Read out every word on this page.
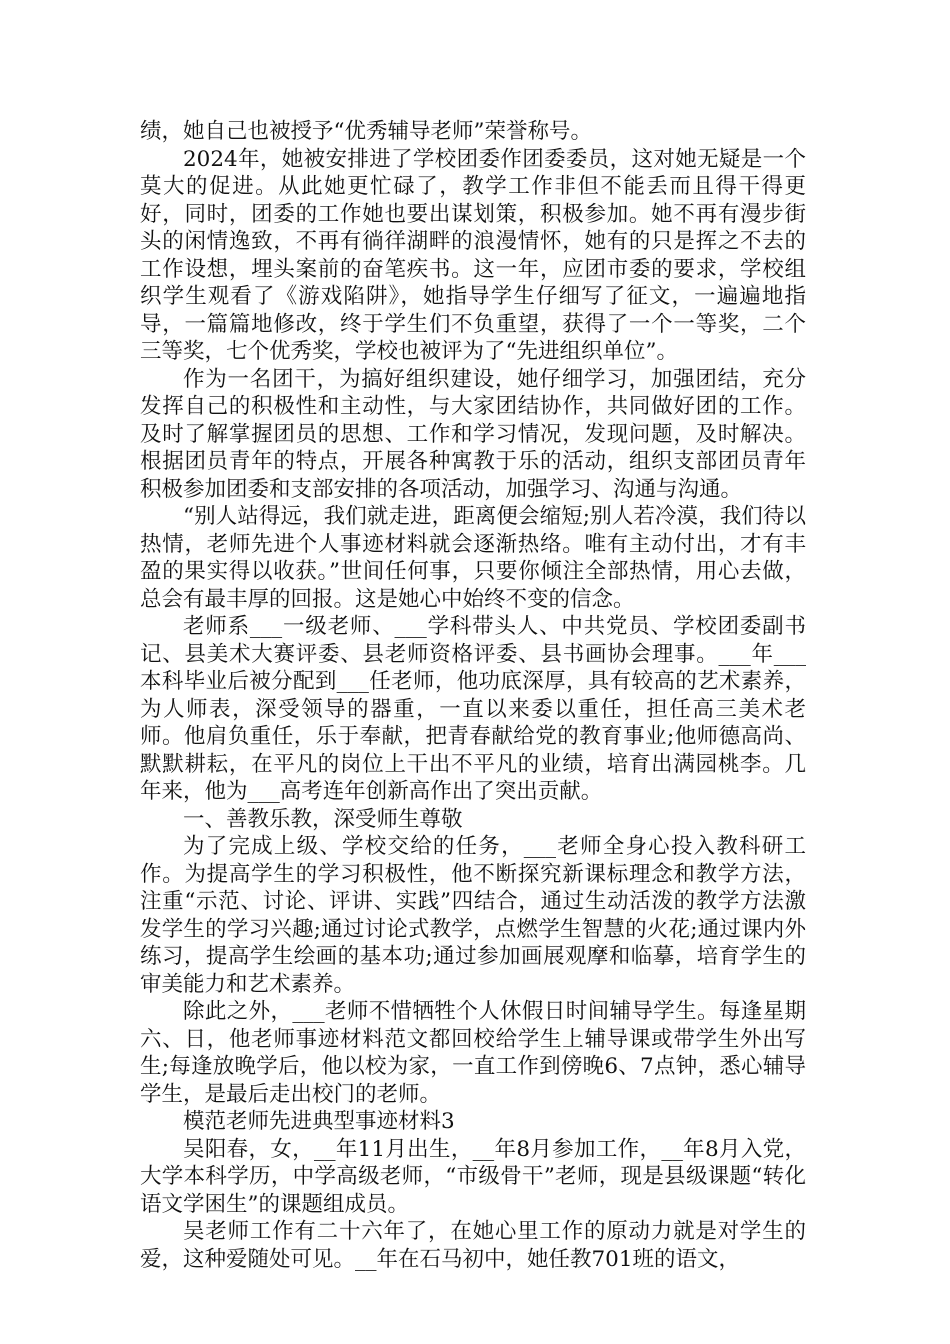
绩，她自己也被授予“优秀辅导老师”荣誉称号。

2024年，她被安排进了学校团委作团委委员，这对她无疑是一个莫大的促进。从此她更忙碌了，教学工作非但不能丢而且得干得更好，同时，团委的工作她也要出谋划策，积极参加。她不再有漫步街头的闲情逸致，不再有徜徉湖畔的浪漫情怀，她有的只是挥之不去的工作设想，埋头案前的奋笔疾书。这一年，应团市委的要求，学校组织学生观看了《游戏陷阱》，她指导学生仔细写了征文，一遍遍地指导，一篇篇地修改，终于学生们不负重望，获得了一个一等奖，二个三等奖，七个优秀奖，学校也被评为了“先进组织单位”。

作为一名团干，为搞好组织建设，她仔细学习，加强团结，充分发挥自己的积极性和主动性，与大家团结协作，共同做好团的工作。及时了解掌握团员的思想、工作和学习情况，发现问题，及时解决。根据团员青年的特点，开展各种寓教于乐的活动，组织支部团员青年积极参加团委和支部安排的各项活动，加强学习、沟通与沟通。

“别人站得远，我们就走进，距离便会缩短;别人若冷漠，我们待以热情，老师先进个人事迹材料就会逐渐热络。唯有主动付出，才有丰盈的果实得以收获。”世间任何事，只要你倾注全部热情，用心去做，总会有最丰厚的回报。这是她心中始终不变的信念。

老师系___一级老师、___学科带头人、中共党员、学校团委副书记、县美术大赛评委、县老师资格评委、县书画协会理事。___年___本科毕业后被分配到___任老师，他功底深厚，具有较高的艺术素养，为人师表，深受领导的器重，一直以来委以重任，担任高三美术老师。他肩负重任，乐于奉献，把青春献给党的教育事业;他师德高尚、默默耕耘，在平凡的岗位上干出不平凡的业绩，培育出满园桃李。几年来，他为___高考连年创新高作出了突出贡献。

一、善教乐教，深受师生尊敬

为了完成上级、学校交给的任务，___老师全身心投入教科研工作。为提高学生的学习积极性，他不断探究新课标理念和教学方法，注重“示范、讨论、评讲、实践”四结合，通过生动活泼的教学方法激发学生的学习兴趣;通过讨论式教学，点燃学生智慧的火花;通过课内外练习，提高学生绘画的基本功;通过参加画展观摩和临摹，培育学生的审美能力和艺术素养。

除此之外，___老师不惜牺牲个人休假日时间辅导学生。每逢星期六、日，他老师事迹材料范文都回校给学生上辅导课或带学生外出写生;每逢放晚学后，他以校为家，一直工作到傍晚6、7点钟，悉心辅导学生，是最后走出校门的老师。

模范老师先进典型事迹材料3

吴阳春，女，__年11月出生，__年8月参加工作，__年8月入党，大学本科学历，中学高级老师，“市级骨干”老师，现是县级课题“转化语文学困生”的课题组成员。

吴老师工作有二十六年了，在她心里工作的原动力就是对学生的爱，这种爱随处可见。__年在石马初中，她任教701班的语文，
